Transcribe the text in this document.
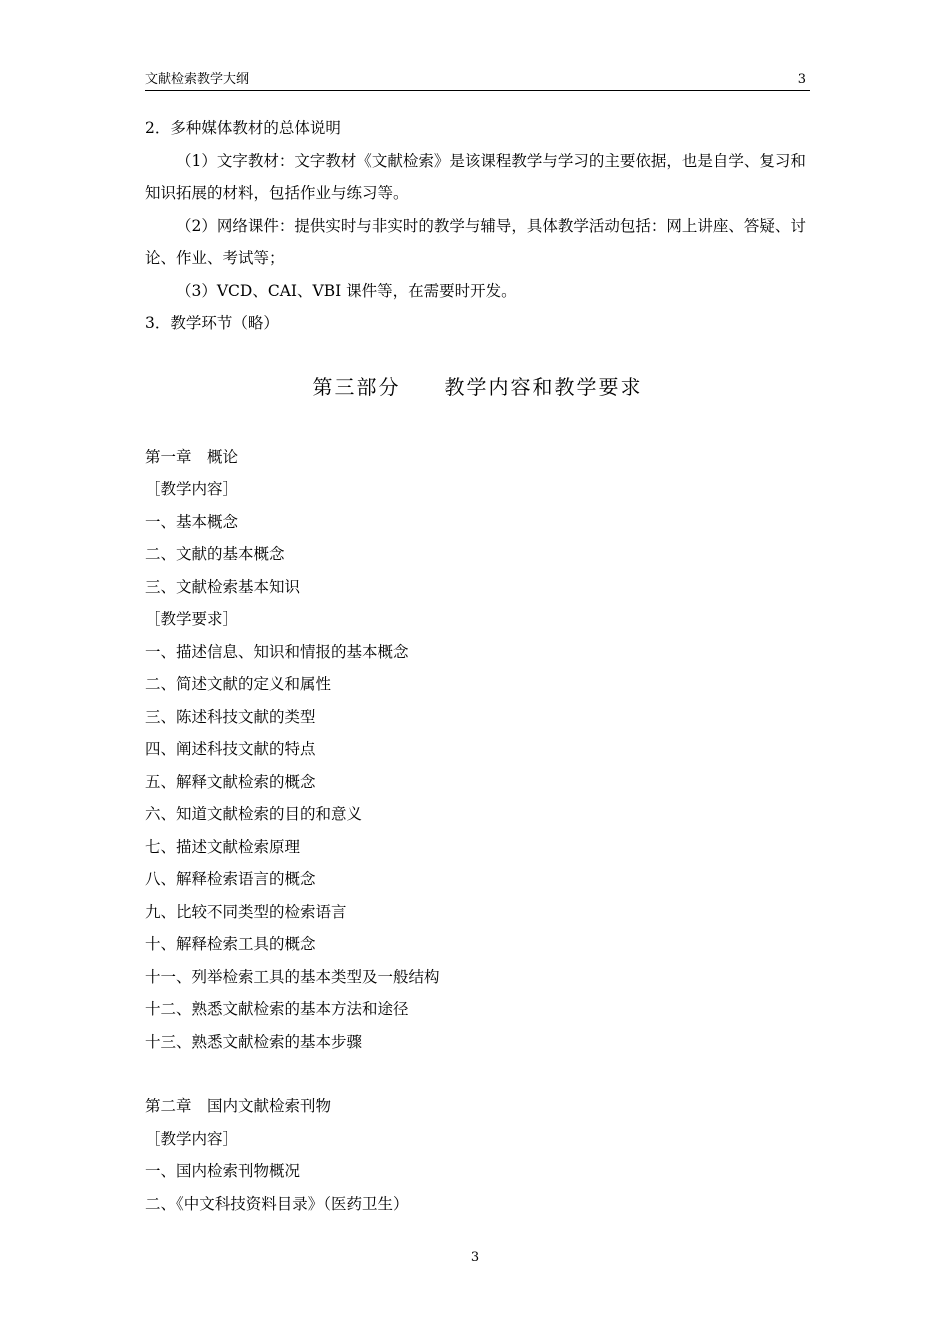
文献检索教学大纲	3
2．多种媒体教材的总体说明
（1）文字教材：文字教材《文献检索》是该课程教学与学习的主要依据，也是自学、复习和知识拓展的材料，包括作业与练习等。
（2）网络课件：提供实时与非实时的教学与辅导，具体教学活动包括：网上讲座、答疑、讨论、作业、考试等；
（3）VCD、CAI、VBI 课件等，在需要时开发。
3．教学环节（略）
第三部分 教学内容和教学要求
第一章　概论
［教学内容］
一、基本概念
二、文献的基本概念
三、文献检索基本知识
［教学要求］
一、描述信息、知识和情报的基本概念
二、简述文献的定义和属性
三、陈述科技文献的类型
四、阐述科技文献的特点
五、解释文献检索的概念
六、知道文献检索的目的和意义
七、描述文献检索原理
八、解释检索语言的概念
九、比较不同类型的检索语言
十、解释检索工具的概念
十一、列举检索工具的基本类型及一般结构
十二、熟悉文献检索的基本方法和途径
十三、熟悉文献检索的基本步骤
第二章　国内文献检索刊物
［教学内容］
一、国内检索刊物概况
二、《中文科技资料目录》（医药卫生）
3
